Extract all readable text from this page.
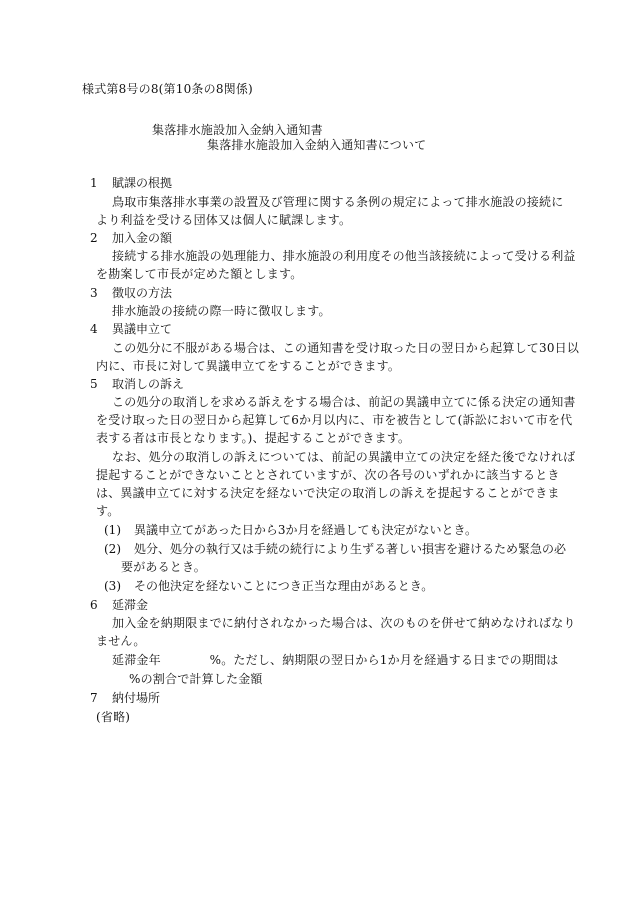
様式第8号の8(第10条の8関係)
集落排水施設加入金納入通知書
集落排水施設加入金納入通知書について
1 賦課の根拠
鳥取市集落排水事業の設置及び管理に関する条例の規定によって排水施設の接続に
より利益を受ける団体又は個人に賦課します。
2 加入金の額
接続する排水施設の処理能力、排水施設の利用度その他当該接続によって受ける利益
を勘案して市長が定めた額とします。
3 徴収の方法
排水施設の接続の際一時に徴収します。
4 異議申立て
この処分に不服がある場合は、この通知書を受け取った日の翌日から起算して30日以
内に、市長に対して異議申立てをすることができます。
5 取消しの訴え
この処分の取消しを求める訴えをする場合は、前記の異議申立てに係る決定の通知書
を受け取った日の翌日から起算して6か月以内に、市を被告として(訴訟において市を代
表する者は市長となります。)、提起することができます。
なお、処分の取消しの訴えについては、前記の異議申立ての決定を経た後でなければ
提起することができないこととされていますが、次の各号のいずれかに該当するとき
は、異議申立てに対する決定を経ないで決定の取消しの訴えを提起することができま
す。
(1) 異議申立てがあった日から3か月を経過しても決定がないとき。
(2) 処分、処分の執行又は手続の続行により生ずる著しい損害を避けるため緊急の必
要があるとき。
(3) その他決定を経ないことにつき正当な理由があるとき。
6 延滞金
加入金を納期限までに納付されなかった場合は、次のものを併せて納めなければなり
ません。
延滞金年　　　　%。ただし、納期限の翌日から1か月を経過する日までの期間は
%の割合で計算した金額
7 納付場所
(省略)
